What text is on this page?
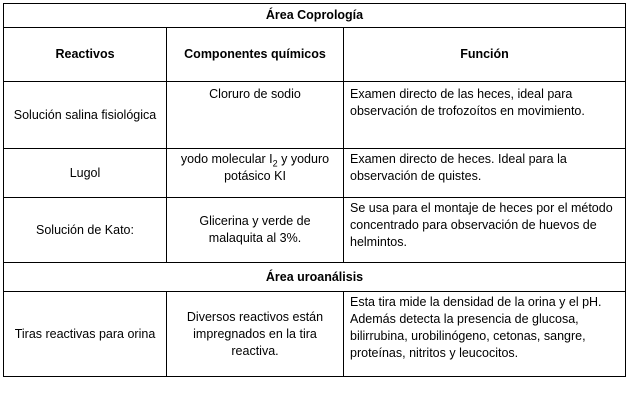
Área Coprología		
Reactivos	Componentes químicos	Función
Solución salina fisiológica	Cloruro de sodio	Examen directo de las heces, ideal para observación de trofozoítos en movimiento.
Lugol	yodo molecular $I_2$ y yoduro potásico KI	Examen directo de heces. Ideal para la observación de quistes.
Solución de Kato:	Glicerina y verde de malaquita al 3%.	Se usa para el montaje de heces por el método concentrado para observación de huevos de helmintos.
Área uroanálisis		
Tiras reactivas para orina	Diversos reactivos están impregnados en la tira reactiva.	Esta tira mide la densidad de la orina y el pH. Además detecta la presencia de glucosa, bilirrubina, urobilinógeno, cetonas, sangre, proteínas, nitritos y leucocitos.
